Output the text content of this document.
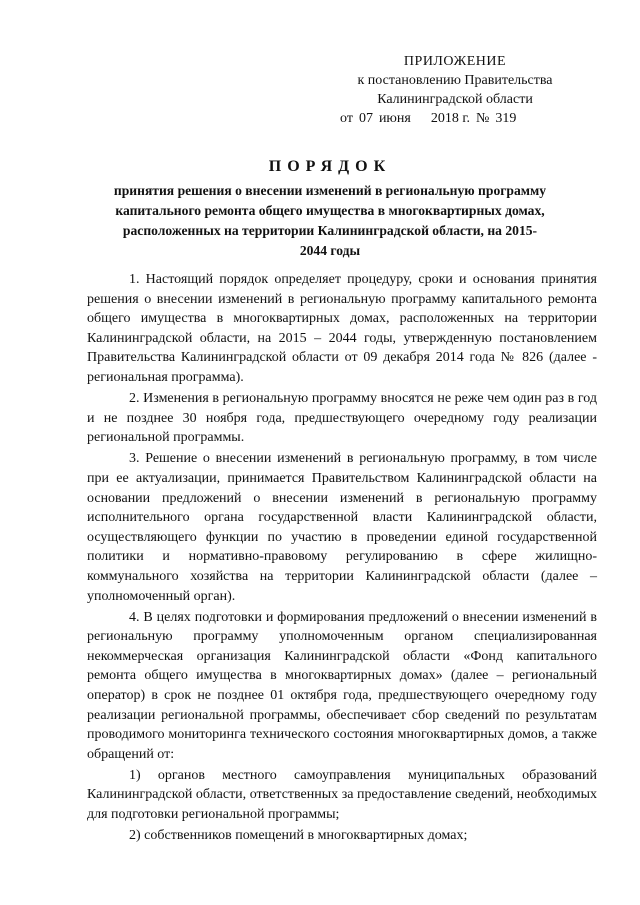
ПРИЛОЖЕНИЕ
к постановлению Правительства
Калининградской области
от 07 июня 2018 г. № 319
ПОРЯДОК
принятия решения о внесении изменений в региональную программу капитального ремонта общего имущества в многоквартирных домах, расположенных на территории Калининградской области, на 2015-2044 годы

1. Настоящий порядок определяет процедуру, сроки и основания принятия решения о внесении изменений в региональную программу капитального ремонта общего имущества в многоквартирных домах, расположенных на территории Калининградской области, на 2015 – 2044 годы, утвержденную постановлением Правительства Калининградской области от 09 декабря 2014 года № 826 (далее - региональная программа).

2. Изменения в региональную программу вносятся не реже чем один раз в год и не позднее 30 ноября года, предшествующего очередному году реализации региональной программы.

3. Решение о внесении изменений в региональную программу, в том числе при ее актуализации, принимается Правительством Калининградской области на основании предложений о внесении изменений в региональную программу исполнительного органа государственной власти Калининградской области, осуществляющего функции по участию в проведении единой государственной политики и нормативно-правовому регулированию в сфере жилищно-коммунального хозяйства на территории Калининградской области (далее – уполномоченный орган).

4. В целях подготовки и формирования предложений о внесении изменений в региональную программу уполномоченным органом специализированная некоммерческая организация Калининградской области «Фонд капитального ремонта общего имущества в многоквартирных домах» (далее – региональный оператор) в срок не позднее 01 октября года, предшествующего очередному году реализации региональной программы, обеспечивает сбор сведений по результатам проводимого мониторинга технического состояния многоквартирных домов, а также обращений от:

1) органов местного самоуправления муниципальных образований Калининградской области, ответственных за предоставление сведений, необходимых для подготовки региональной программы;

2) собственников помещений в многоквартирных домах;
